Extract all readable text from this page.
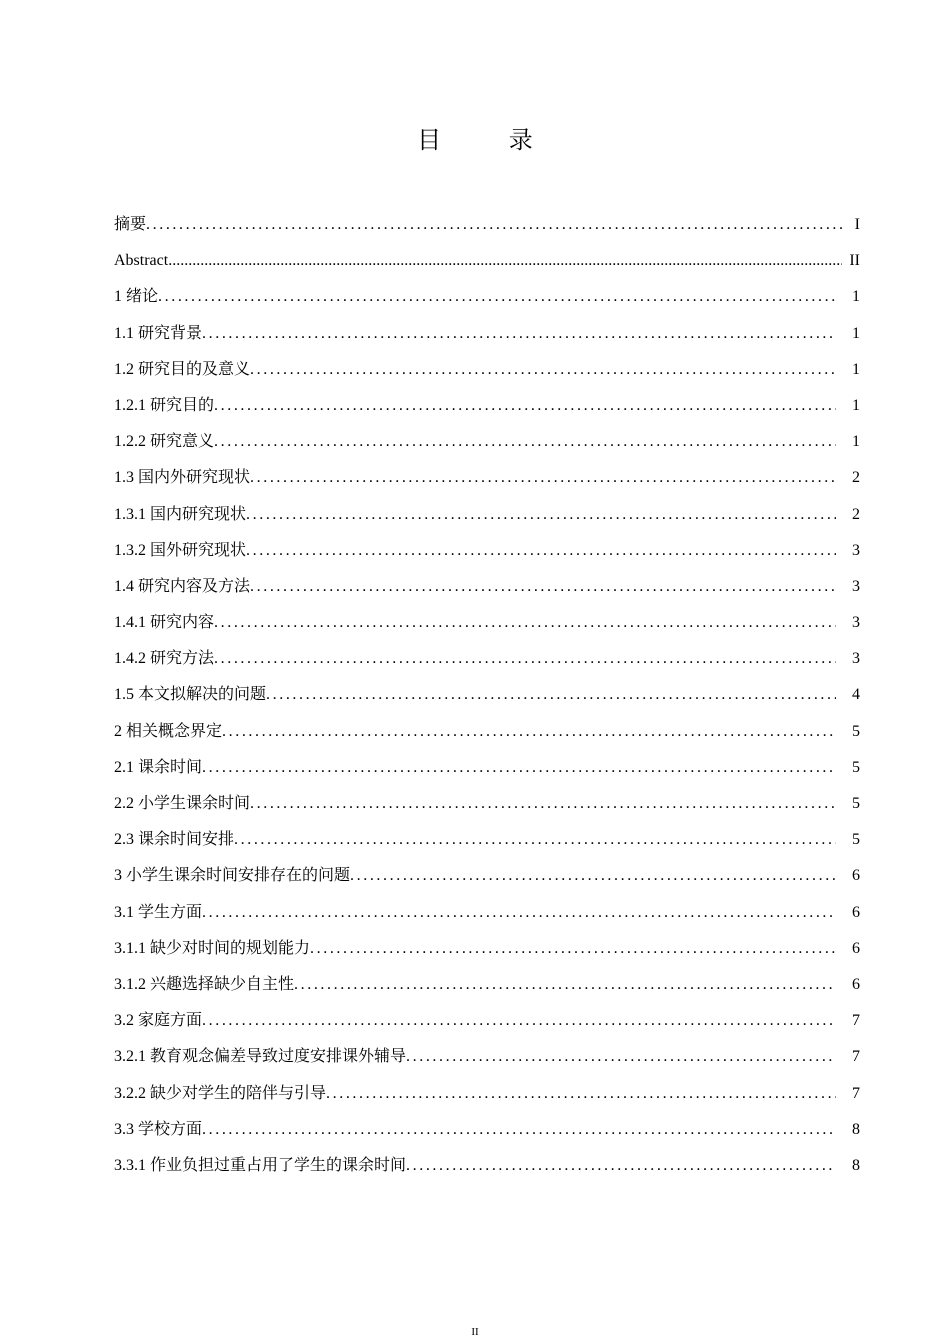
目 录
摘要 .....	I
Abstract .....	II
1 绪论 .....	1
1.1 研究背景 .....	1
1.2 研究目的及意义 .....	1
1.2.1 研究目的 .....	1
1.2.2 研究意义 .....	1
1.3 国内外研究现状 .....	2
1.3.1 国内研究现状 .....	2
1.3.2 国外研究现状 .....	3
1.4 研究内容及方法 .....	3
1.4.1 研究内容 .....	3
1.4.2 研究方法 .....	3
1.5 本文拟解决的问题 .....	4
2 相关概念界定 .....	5
2.1 课余时间 .....	5
2.2 小学生课余时间 .....	5
2.3 课余时间安排 .....	5
3 小学生课余时间安排存在的问题 .....	6
3.1 学生方面 .....	6
3.1.1 缺少对时间的规划能力 .....	6
3.1.2 兴趣选择缺少自主性 .....	6
3.2 家庭方面 .....	7
3.2.1 教育观念偏差导致过度安排课外辅导 .....	7
3.2.2 缺少对学生的陪伴与引导 .....	7
3.3 学校方面 .....	8
3.3.1 作业负担过重占用了学生的课余时间 .....	8
II
